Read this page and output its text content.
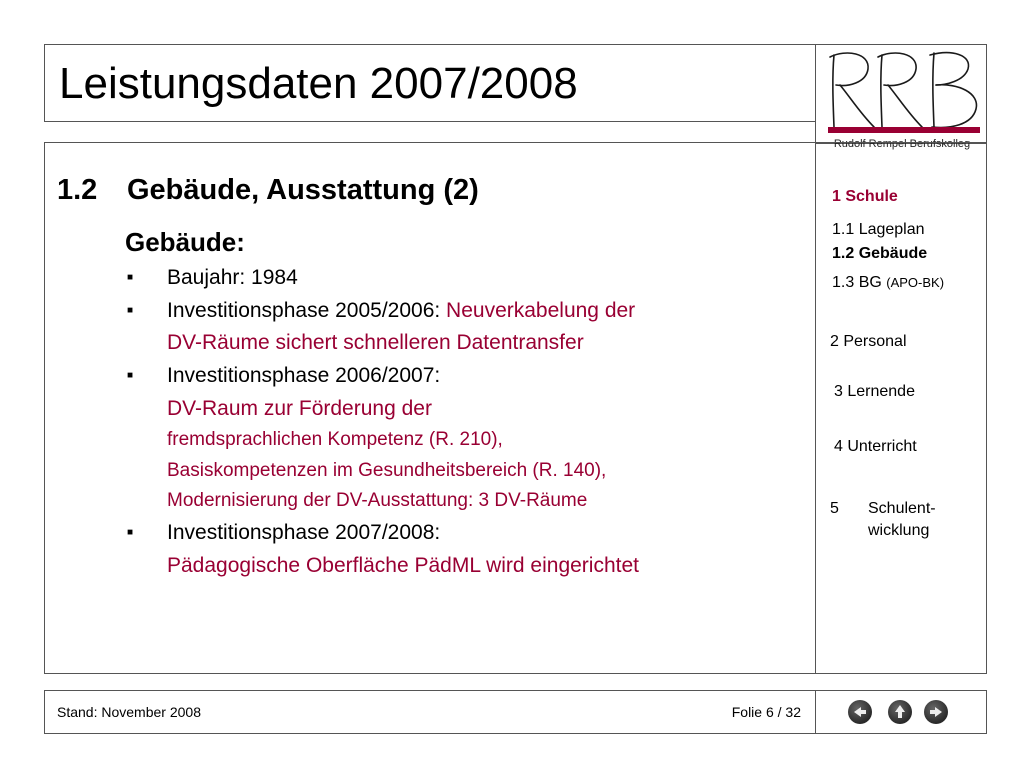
Leistungsdaten 2007/2008
Rudolf Rempel Berufskolleg
1.2 Gebäude, Ausstattung (2)
Gebäude:
■ Baujahr: 1984
■ Investitionsphase 2005/2006: Neuverkabelung der
DV-Räume sichert schnelleren Datentransfer
■ Investitionsphase 2006/2007:
DV-Raum zur Förderung der
fremdsprachlichen Kompetenz (R. 210),
Basiskompetenzen im Gesundheitsbereich (R. 140),
Modernisierung der DV-Ausstattung: 3 DV-Räume
■ Investitionsphase 2007/2008:
Pädagogische Oberfläche PädML wird eingerichtet
1 Schule
1.1 Lageplan
1.2 Gebäude
1.3 BG (APO-BK)
2 Personal
3 Lernende
4 Unterricht
5 Schulent-
wicklung
Stand: November 2008	Folie 6 / 32
